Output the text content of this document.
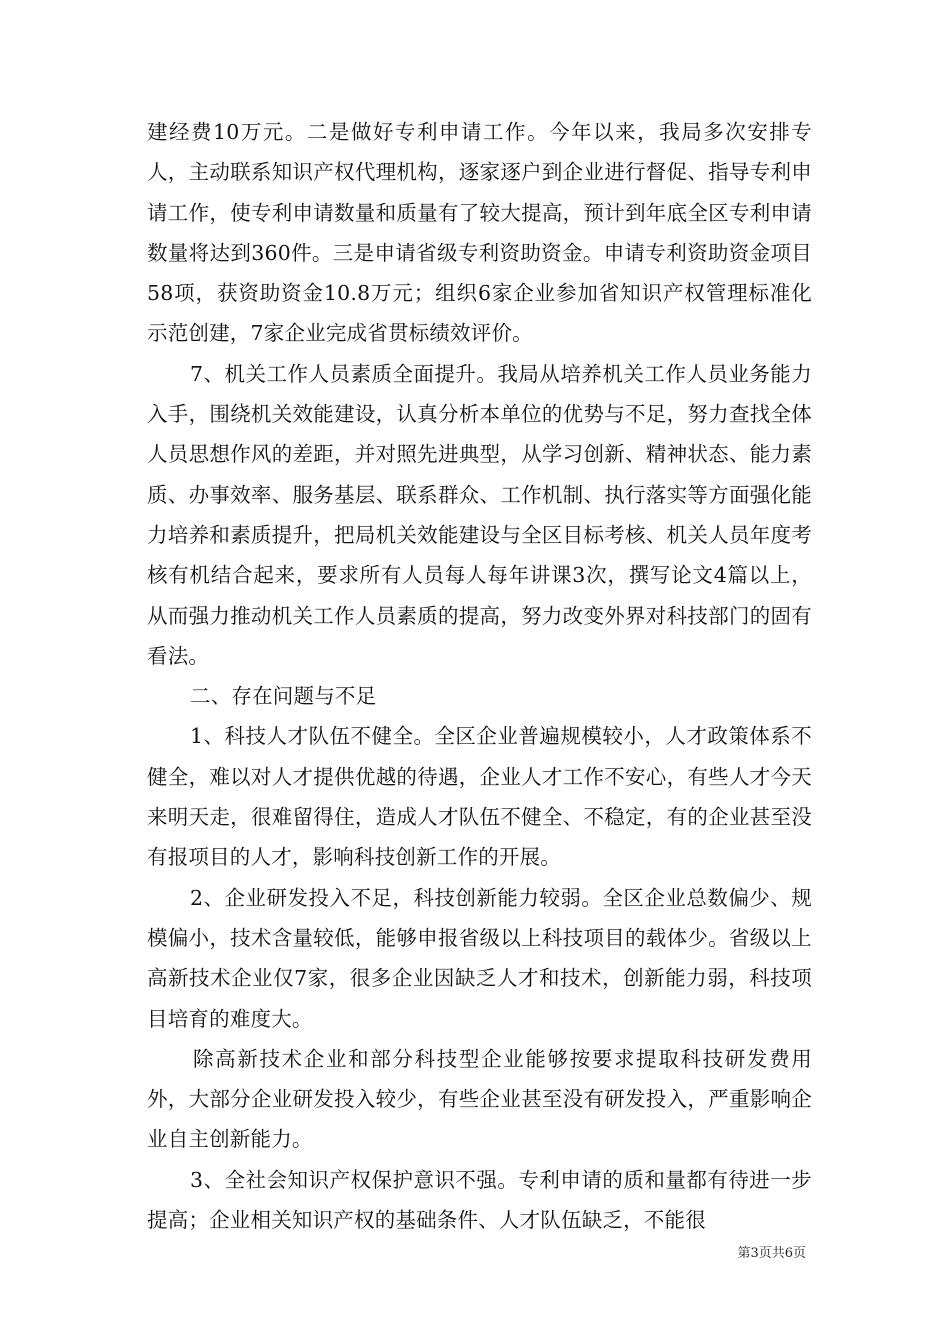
建经费10万元。二是做好专利申请工作。今年以来，我局多次安排专人，主动联系知识产权代理机构，逐家逐户到企业进行督促、指导专利申请工作，使专利申请数量和质量有了较大提高，预计到年底全区专利申请数量将达到360件。三是申请省级专利资助资金。申请专利资助资金项目58项，获资助资金10.8万元；组织6家企业参加省知识产权管理标准化示范创建，7家企业完成省贯标绩效评价。

7、机关工作人员素质全面提升。我局从培养机关工作人员业务能力入手，围绕机关效能建设，认真分析本单位的优势与不足，努力查找全体人员思想作风的差距，并对照先进典型，从学习创新、精神状态、能力素质、办事效率、服务基层、联系群众、工作机制、执行落实等方面强化能力培养和素质提升，把局机关效能建设与全区目标考核、机关人员年度考核有机结合起来，要求所有人员每人每年讲课3次，撰写论文4篇以上，从而强力推动机关工作人员素质的提高，努力改变外界对科技部门的固有看法。

二、存在问题与不足

1、科技人才队伍不健全。全区企业普遍规模较小，人才政策体系不健全，难以对人才提供优越的待遇，企业人才工作不安心，有些人才今天来明天走，很难留得住，造成人才队伍不健全、不稳定，有的企业甚至没有报项目的人才，影响科技创新工作的开展。

2、企业研发投入不足，科技创新能力较弱。全区企业总数偏少、规模偏小，技术含量较低，能够申报省级以上科技项目的载体少。省级以上高新技术企业仅7家，很多企业因缺乏人才和技术，创新能力弱，科技项目培育的难度大。

除高新技术企业和部分科技型企业能够按要求提取科技研发费用外，大部分企业研发投入较少，有些企业甚至没有研发投入，严重影响企业自主创新能力。

3、全社会知识产权保护意识不强。专利申请的质和量都有待进一步提高；企业相关知识产权的基础条件、人才队伍缺乏，不能很

第3页共6页
